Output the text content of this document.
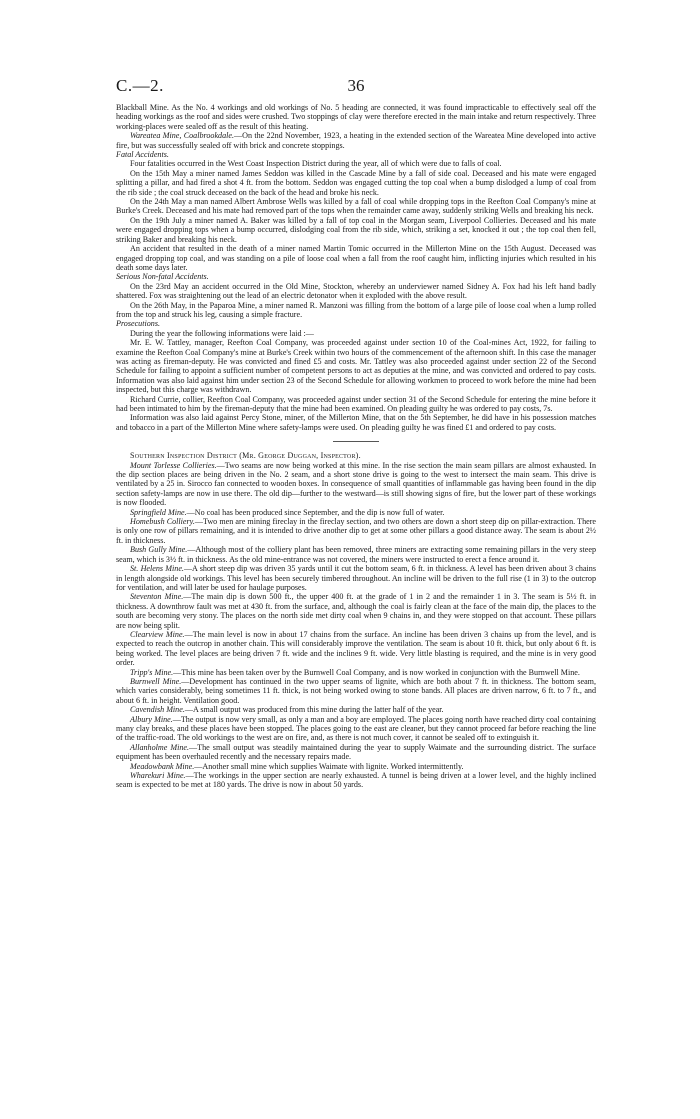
C.—2.	36

Blackball Mine. As the No. 4 workings and old workings of No. 5 heading are connected, it was found impracticable to effectively seal off the heading workings as the roof and sides were crushed. Two stoppings of clay were therefore erected in the main intake and return respectively. Three working-places were sealed off as the result of this heating.

Wareatea Mine, Coalbrookdale.—On the 22nd November, 1923, a heating in the extended section of the Wareatea Mine developed into active fire, but was successfully sealed off with brick and concrete stoppings.

Fatal Accidents.

Four fatalities occurred in the West Coast Inspection District during the year, all of which were due to falls of coal.

On the 15th May a miner named James Seddon was killed in the Cascade Mine by a fall of side coal. Deceased and his mate were engaged splitting a pillar, and had fired a shot 4 ft. from the bottom. Seddon was engaged cutting the top coal when a bump dislodged a lump of coal from the rib side ; the coal struck deceased on the back of the head and broke his neck.

On the 24th May a man named Albert Ambrose Wells was killed by a fall of coal while dropping tops in the Reefton Coal Company's mine at Burke's Creek. Deceased and his mate had removed part of the tops when the remainder came away, suddenly striking Wells and breaking his neck.

On the 19th July a miner named A. Baker was killed by a fall of top coal in the Morgan seam, Liverpool Collieries. Deceased and his mate were engaged dropping tops when a bump occurred, dislodging coal from the rib side, which, striking a set, knocked it out ; the top coal then fell, striking Baker and breaking his neck.

An accident that resulted in the death of a miner named Martin Tomic occurred in the Millerton Mine on the 15th August. Deceased was engaged dropping top coal, and was standing on a pile of loose coal when a fall from the roof caught him, inflicting injuries which resulted in his death some days later.

Serious Non-fatal Accidents.

On the 23rd May an accident occurred in the Old Mine, Stockton, whereby an underviewer named Sidney A. Fox had his left hand badly shattered. Fox was straightening out the lead of an electric detonator when it exploded with the above result.

On the 26th May, in the Paparoa Mine, a miner named R. Manzoni was filling from the bottom of a large pile of loose coal when a lump rolled from the top and struck his leg, causing a simple fracture.

Prosecutions.

During the year the following informations were laid :—

Mr. E. W. Tattley, manager, Reefton Coal Company, was proceeded against under section 10 of the Coal-mines Act, 1922, for failing to examine the Reefton Coal Company's mine at Burke's Creek within two hours of the commencement of the afternoon shift. In this case the manager was acting as fireman-deputy. He was convicted and fined £5 and costs. Mr. Tattley was also proceeded against under section 22 of the Second Schedule for failing to appoint a sufficient number of competent persons to act as deputies at the mine, and was convicted and ordered to pay costs. Information was also laid against him under section 23 of the Second Schedule for allowing workmen to proceed to work before the mine had been inspected, but this charge was withdrawn.

Richard Currie, collier, Reefton Coal Company, was proceeded against under section 31 of the Second Schedule for entering the mine before it had been intimated to him by the fireman-deputy that the mine had been examined. On pleading guilty he was ordered to pay costs, 7s.

Information was also laid against Percy Stone, miner, of the Millerton Mine, that on the 5th September, he did have in his possession matches and tobacco in a part of the Millerton Mine where safety-lamps were used. On pleading guilty he was fined £1 and ordered to pay costs.

Southern Inspection District (Mr. George Duggan, Inspector).

Mount Torlesse Collieries.—Two seams are now being worked at this mine. In the rise section the main seam pillars are almost exhausted. In the dip section places are being driven in the No. 2 seam, and a short stone drive is going to the west to intersect the main seam. This drive is ventilated by a 25 in. Sirocco fan connected to wooden boxes. In consequence of small quantities of inflammable gas having been found in the dip section safety-lamps are now in use there. The old dip—further to the westward—is still showing signs of fire, but the lower part of these workings is now flooded.

Springfield Mine.—No coal has been produced since September, and the dip is now full of water.

Homebush Colliery.—Two men are mining fireclay in the fireclay section, and two others are down a short steep dip on pillar-extraction. There is only one row of pillars remaining, and it is intended to drive another dip to get at some other pillars a good distance away. The seam is about 2½ ft. in thickness.

Bush Gully Mine.—Although most of the colliery plant has been removed, three miners are extracting some remaining pillars in the very steep seam, which is 3½ ft. in thickness. As the old mine-entrance was not covered, the miners were instructed to erect a fence around it.

St. Helens Mine.—A short steep dip was driven 35 yards until it cut the bottom seam, 6 ft. in thickness. A level has been driven about 3 chains in length alongside old workings. This level has been securely timbered throughout. An incline will be driven to the full rise (1 in 3) to the outcrop for ventilation, and will later be used for haulage purposes.

Steventon Mine.—The main dip is down 500 ft., the upper 400 ft. at the grade of 1 in 2 and the remainder 1 in 3. The seam is 5½ ft. in thickness. A downthrow fault was met at 430 ft. from the surface, and, although the coal is fairly clean at the face of the main dip, the places to the south are becoming very stony. The places on the north side met dirty coal when 9 chains in, and they were stopped on that account. These pillars are now being split.

Clearview Mine.—The main level is now in about 17 chains from the surface. An incline has been driven 3 chains up from the level, and is expected to reach the outcrop in another chain. This will considerably improve the ventilation. The seam is about 10 ft. thick, but only about 6 ft. is being worked. The level places are being driven 7 ft. wide and the inclines 9 ft. wide. Very little blasting is required, and the mine is in very good order.

Tripp's Mine.—This mine has been taken over by the Burnwell Coal Company, and is now worked in conjunction with the Burnwell Mine.

Burnwell Mine.—Development has continued in the two upper seams of lignite, which are both about 7 ft. in thickness. The bottom seam, which varies considerably, being sometimes 11 ft. thick, is not being worked owing to stone bands. All places are driven narrow, 6 ft. to 7 ft., and about 6 ft. in height. Ventilation good.

Cavendish Mine.—A small output was produced from this mine during the latter half of the year.

Albury Mine.—The output is now very small, as only a man and a boy are employed. The places going north have reached dirty coal containing many clay breaks, and these places have been stopped. The places going to the east are cleaner, but they cannot proceed far before reaching the line of the traffic-road. The old workings to the west are on fire, and, as there is not much cover, it cannot be sealed off to extinguish it.

Allanholme Mine.—The small output was steadily maintained during the year to supply Waimate and the surrounding district. The surface equipment has been overhauled recently and the necessary repairs made.

Meadowbank Mine.—Another small mine which supplies Waimate with lignite. Worked intermittently.

Wharekuri Mine.—The workings in the upper section are nearly exhausted. A tunnel is being driven at a lower level, and the highly inclined seam is expected to be met at 180 yards. The drive is now in about 50 yards.
